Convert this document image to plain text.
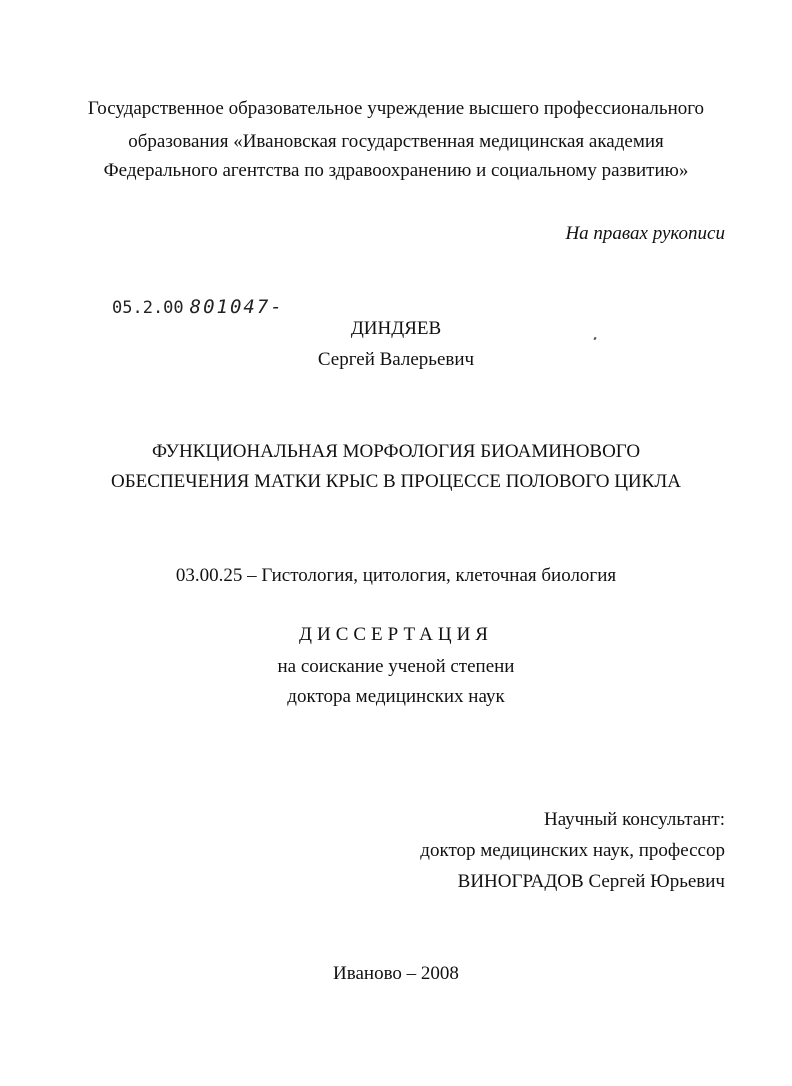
Государственное образовательное учреждение высшего профессионального
образования «Ивановская государственная медицинская академия
Федерального агентства по здравоохранению и социальному развитию»
На правах рукописи
05.2.00 801047-
ДИНДЯЕВ
Сергей Валерьевич
ФУНКЦИОНАЛЬНАЯ МОРФОЛОГИЯ БИОАМИНОВОГО
ОБЕСПЕЧЕНИЯ МАТКИ КРЫС В ПРОЦЕССЕ ПОЛОВОГО ЦИКЛА
03.00.25 – Гистология, цитология, клеточная биология
ДИССЕРТАЦИЯ
на соискание ученой степени
доктора медицинских наук
Научный консультант:
доктор медицинских наук, профессор
ВИНОГРАДОВ Сергей Юрьевич
Иваново – 2008
